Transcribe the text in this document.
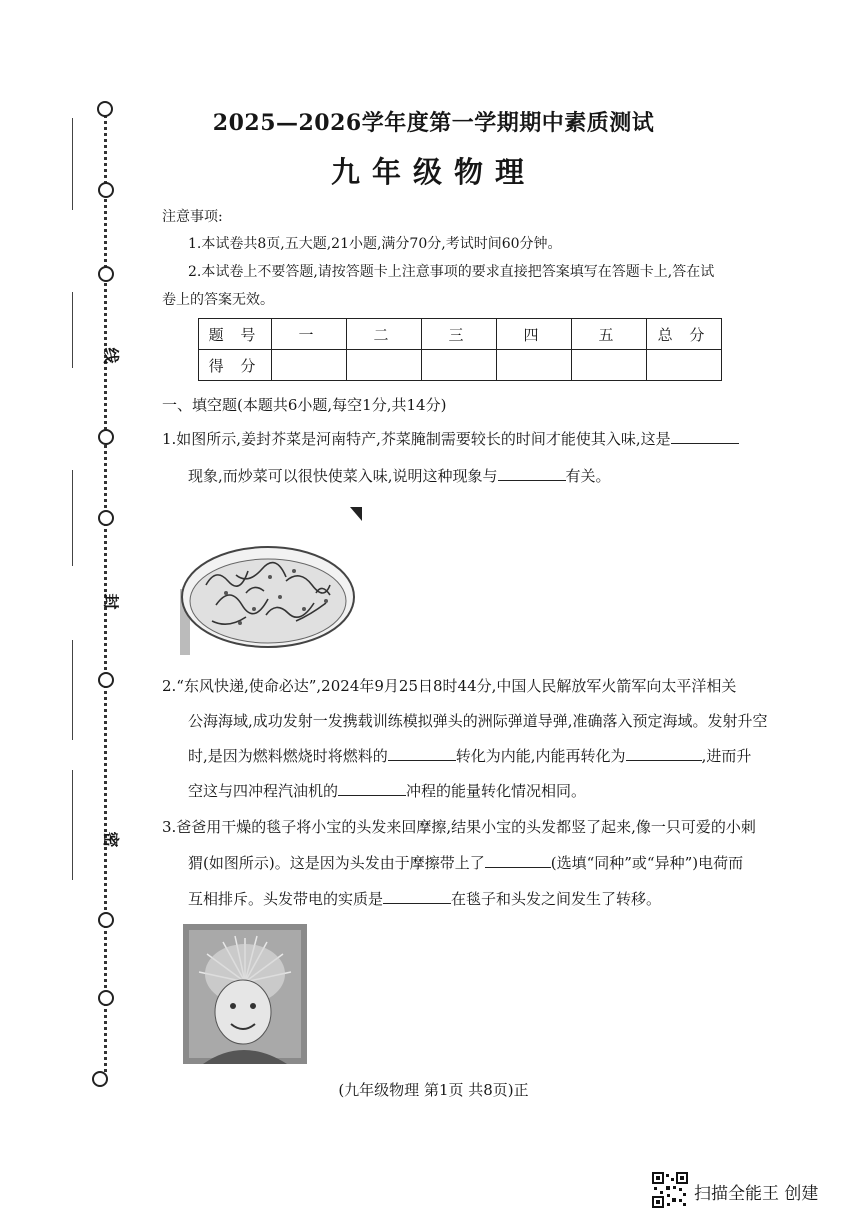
线
封
密
2025—2026学年度第一学期期中素质测试
九年级物理
注意事项:
1.本试卷共8页,五大题,21小题,满分70分,考试时间60分钟。
2.本试卷上不要答题,请按答题卡上注意事项的要求直接把答案填写在答题卡上,答在试
卷上的答案无效。
题 号	一	二	三	四	五	总 分
得 分						
一、填空题(本题共6小题,每空1分,共14分)
1.如图所示,姜封芥菜是河南特产,芥菜腌制需要较长的时间才能使其入味,这是
现象,而炒菜可以很快使菜入味,说明这种现象与	有关。
2.“东风快递,使命必达”,2024年9月25日8时44分,中国人民解放军火箭军向太平洋相关
公海海域,成功发射一发携载训练模拟弹头的洲际弹道导弹,准确落入预定海域。发射升空
时,是因为燃料燃烧时将燃料的	转化为内能,内能再转化为	,进而升
空这与四冲程汽油机的	冲程的能量转化情况相同。
3.爸爸用干燥的毯子将小宝的头发来回摩擦,结果小宝的头发都竖了起来,像一只可爱的小刺
猬(如图所示)。这是因为头发由于摩擦带上了	(选填“同种”或“异种”)电荷而
互相排斥。头发带电的实质是	在毯子和头发之间发生了转移。
(九年级物理 第1页 共8页)正
扫描全能王 创建
